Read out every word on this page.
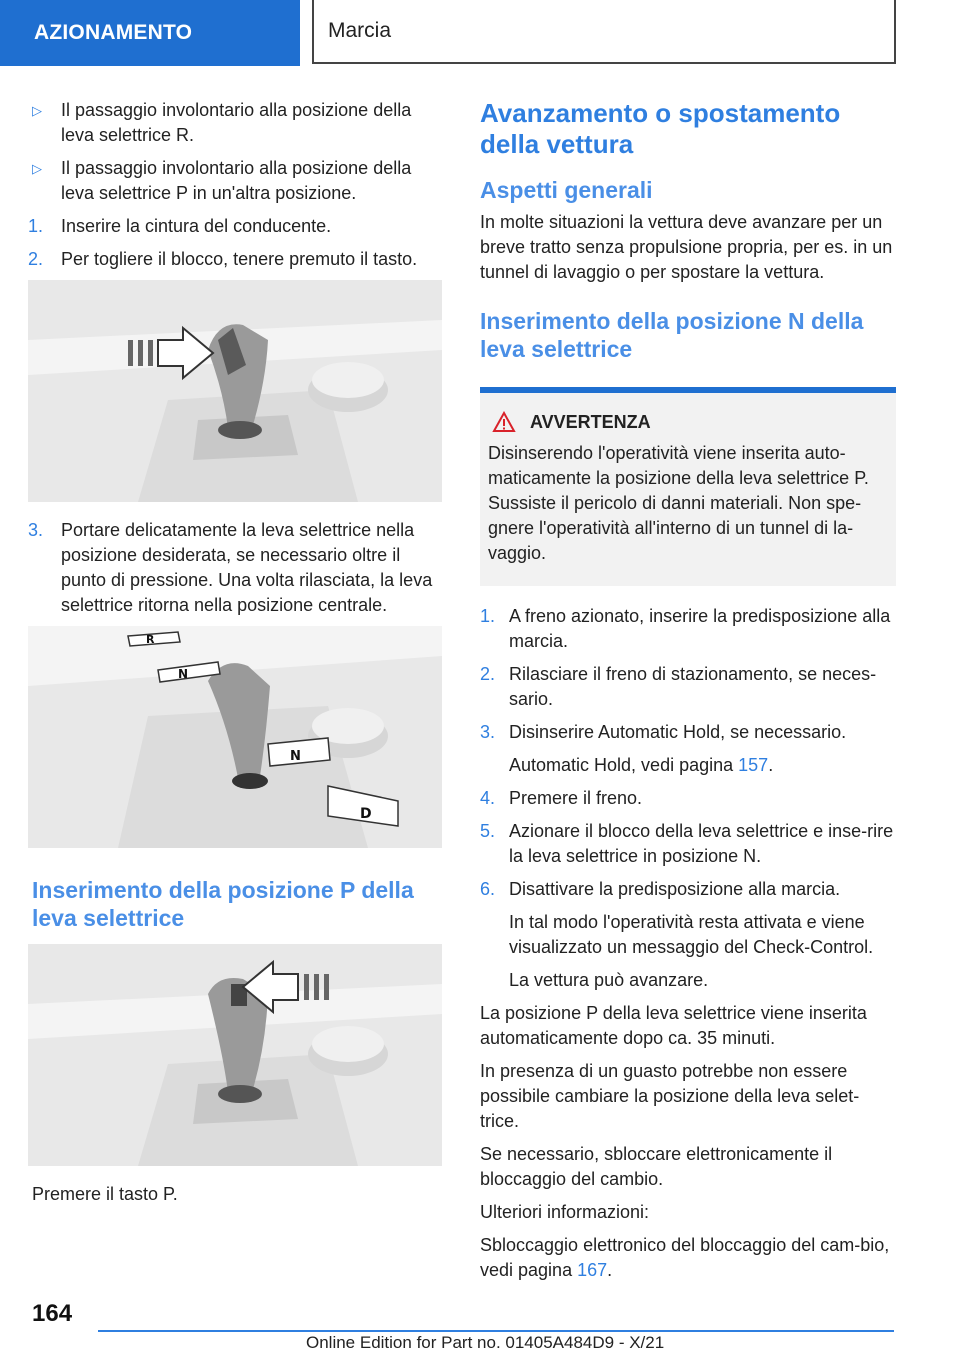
AZIONAMENTO	Marcia
▷	Il passaggio involontario alla posizione della leva selettrice R.
▷	Il passaggio involontario alla posizione della leva selettrice P in un'altra posizione.
1. Inserire la cintura del conducente.
2. Per togliere il blocco, tenere premuto il tasto.
3. Portare delicatamente la leva selettrice nella posizione desiderata, se necessario oltre il punto di pressione. Una volta rilasciata, la leva selettrice ritorna nella posizione centrale.
R
N
N
D
Inserimento della posizione P della leva selettrice

Premere il tasto P.

Avanzamento o spostamento della vettura
Aspetti generali

In molte situazioni la vettura deve avanzare per un breve tratto senza propulsione propria, per es. in un tunnel di lavaggio o per spostare la vettura.

Inserimento della posizione N della leva selettrice
AVVERTENZA
Disinserendo l'operatività viene inserita auto-maticamente la posizione della leva selettrice P. Sussiste il pericolo di danni materiali. Non spe-gnere l'operatività all'interno di un tunnel di la-vaggio.
1. A freno azionato, inserire la predisposizione alla marcia.
2. Rilasciare il freno di stazionamento, se neces-sario.
3. Disinserire Automatic Hold, se necessario.

Automatic Hold, vedi pagina 157.

4. Premere il freno.
5. Azionare il blocco della leva selettrice e inse-rire la leva selettrice in posizione N.
6. Disattivare la predisposizione alla marcia.

In tal modo l'operatività resta attivata e viene visualizzato un messaggio del Check-Control.

La vettura può avanzare.

La posizione P della leva selettrice viene inserita automaticamente dopo ca. 35 minuti.

In presenza di un guasto potrebbe non essere possibile cambiare la posizione della leva selet-trice.

Se necessario, sbloccare elettronicamente il bloccaggio del cambio.

Ulteriori informazioni:

Sbloccaggio elettronico del bloccaggio del cam-bio, vedi pagina 167.

164
Online Edition for Part no. 01405A484D9 - X/21
